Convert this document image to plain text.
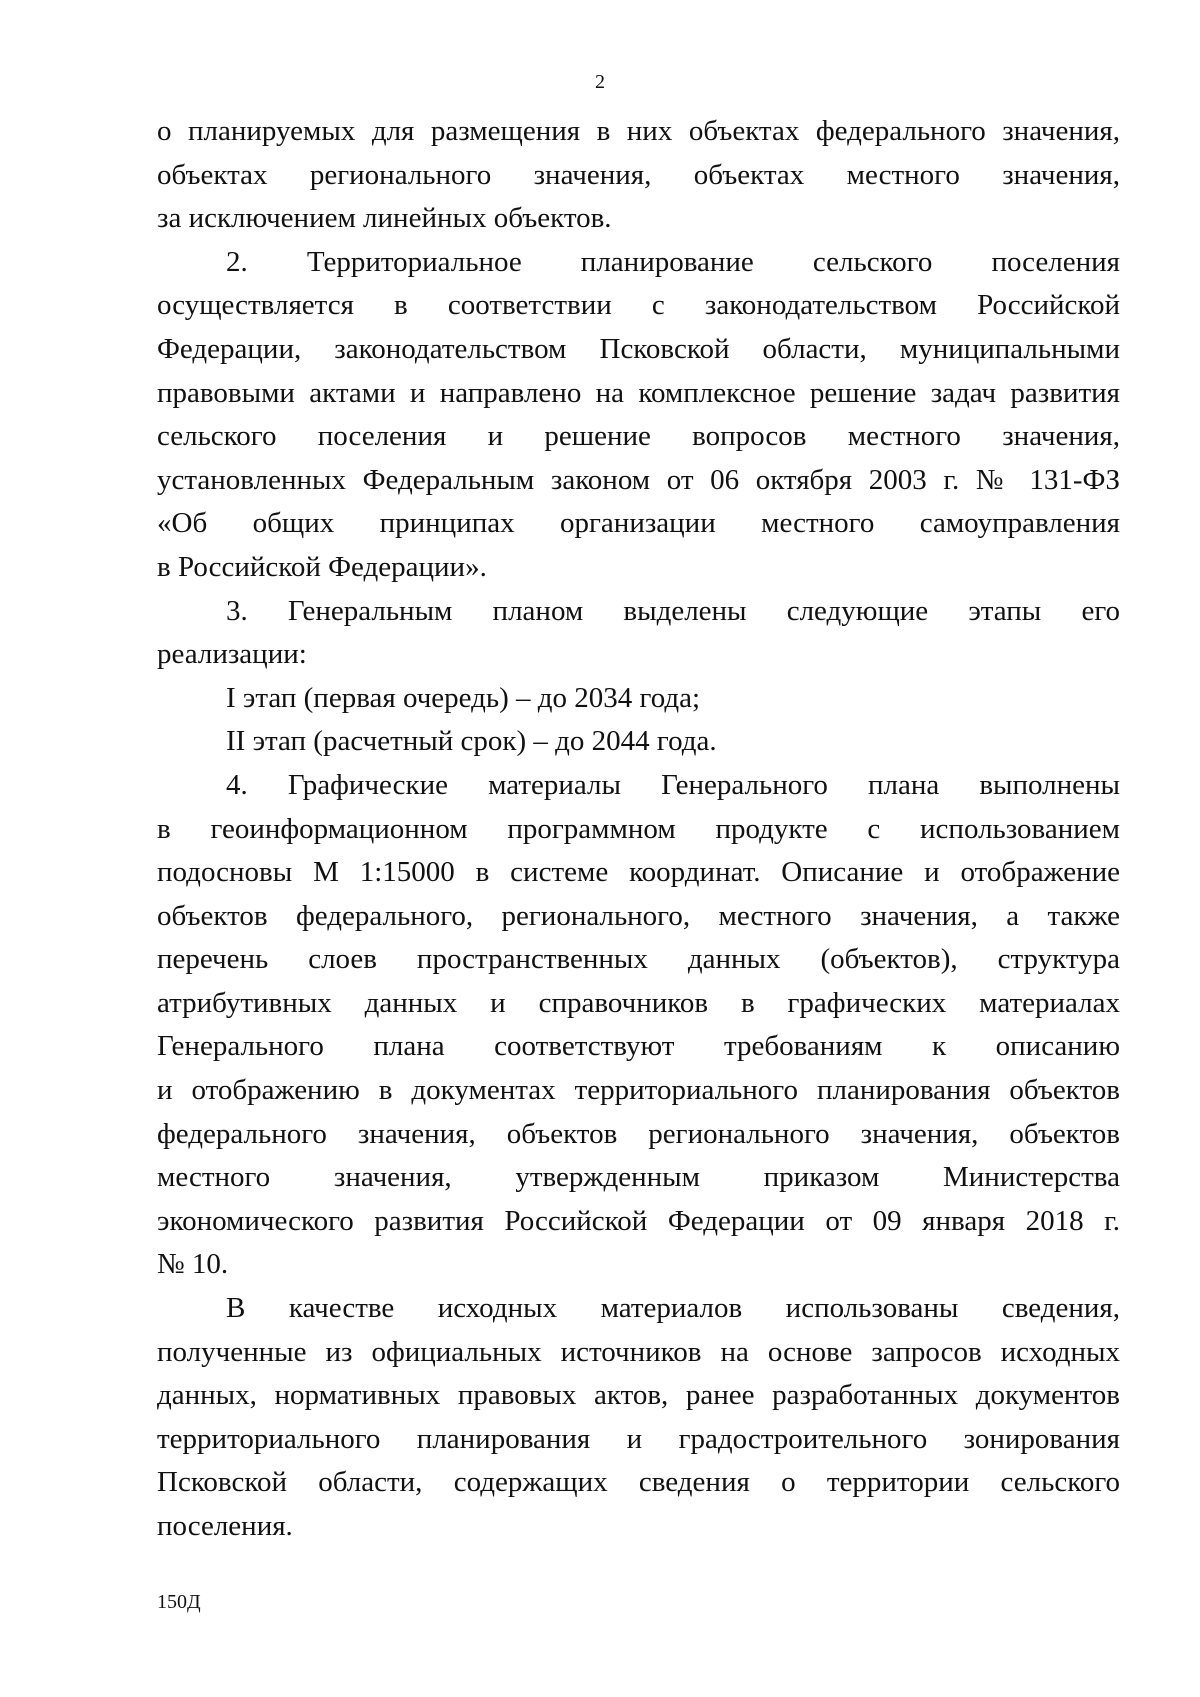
2
о планируемых для размещения в них объектах федерального значения,
объектах регионального значения, объектах местного значения,
за исключением линейных объектов.
2. Территориальное планирование сельского поселения
осуществляется в соответствии с законодательством Российской
Федерации, законодательством Псковской области, муниципальными
правовыми актами и направлено на комплексное решение задач развития
сельского поселения и решение вопросов местного значения,
установленных Федеральным законом от 06 октября 2003 г. № 131-ФЗ
«Об общих принципах организации местного самоуправления
в Российской Федерации».
3. Генеральным планом выделены следующие этапы его
реализации:
I этап (первая очередь) – до 2034 года;
II этап (расчетный срок) – до 2044 года.
4. Графические материалы Генерального плана выполнены
в геоинформационном программном продукте с использованием
подосновы М 1:15000 в системе координат. Описание и отображение
объектов федерального, регионального, местного значения, а также
перечень слоев пространственных данных (объектов), структура
атрибутивных данных и справочников в графических материалах
Генерального плана соответствуют требованиям к описанию
и отображению в документах территориального планирования объектов
федерального значения, объектов регионального значения, объектов
местного значения, утвержденным приказом Министерства
экономического развития Российской Федерации от 09 января 2018 г.
№ 10.
В качестве исходных материалов использованы сведения,
полученные из официальных источников на основе запросов исходных
данных, нормативных правовых актов, ранее разработанных документов
территориального планирования и градостроительного зонирования
Псковской области, содержащих сведения о территории сельского
поселения.
150Д
